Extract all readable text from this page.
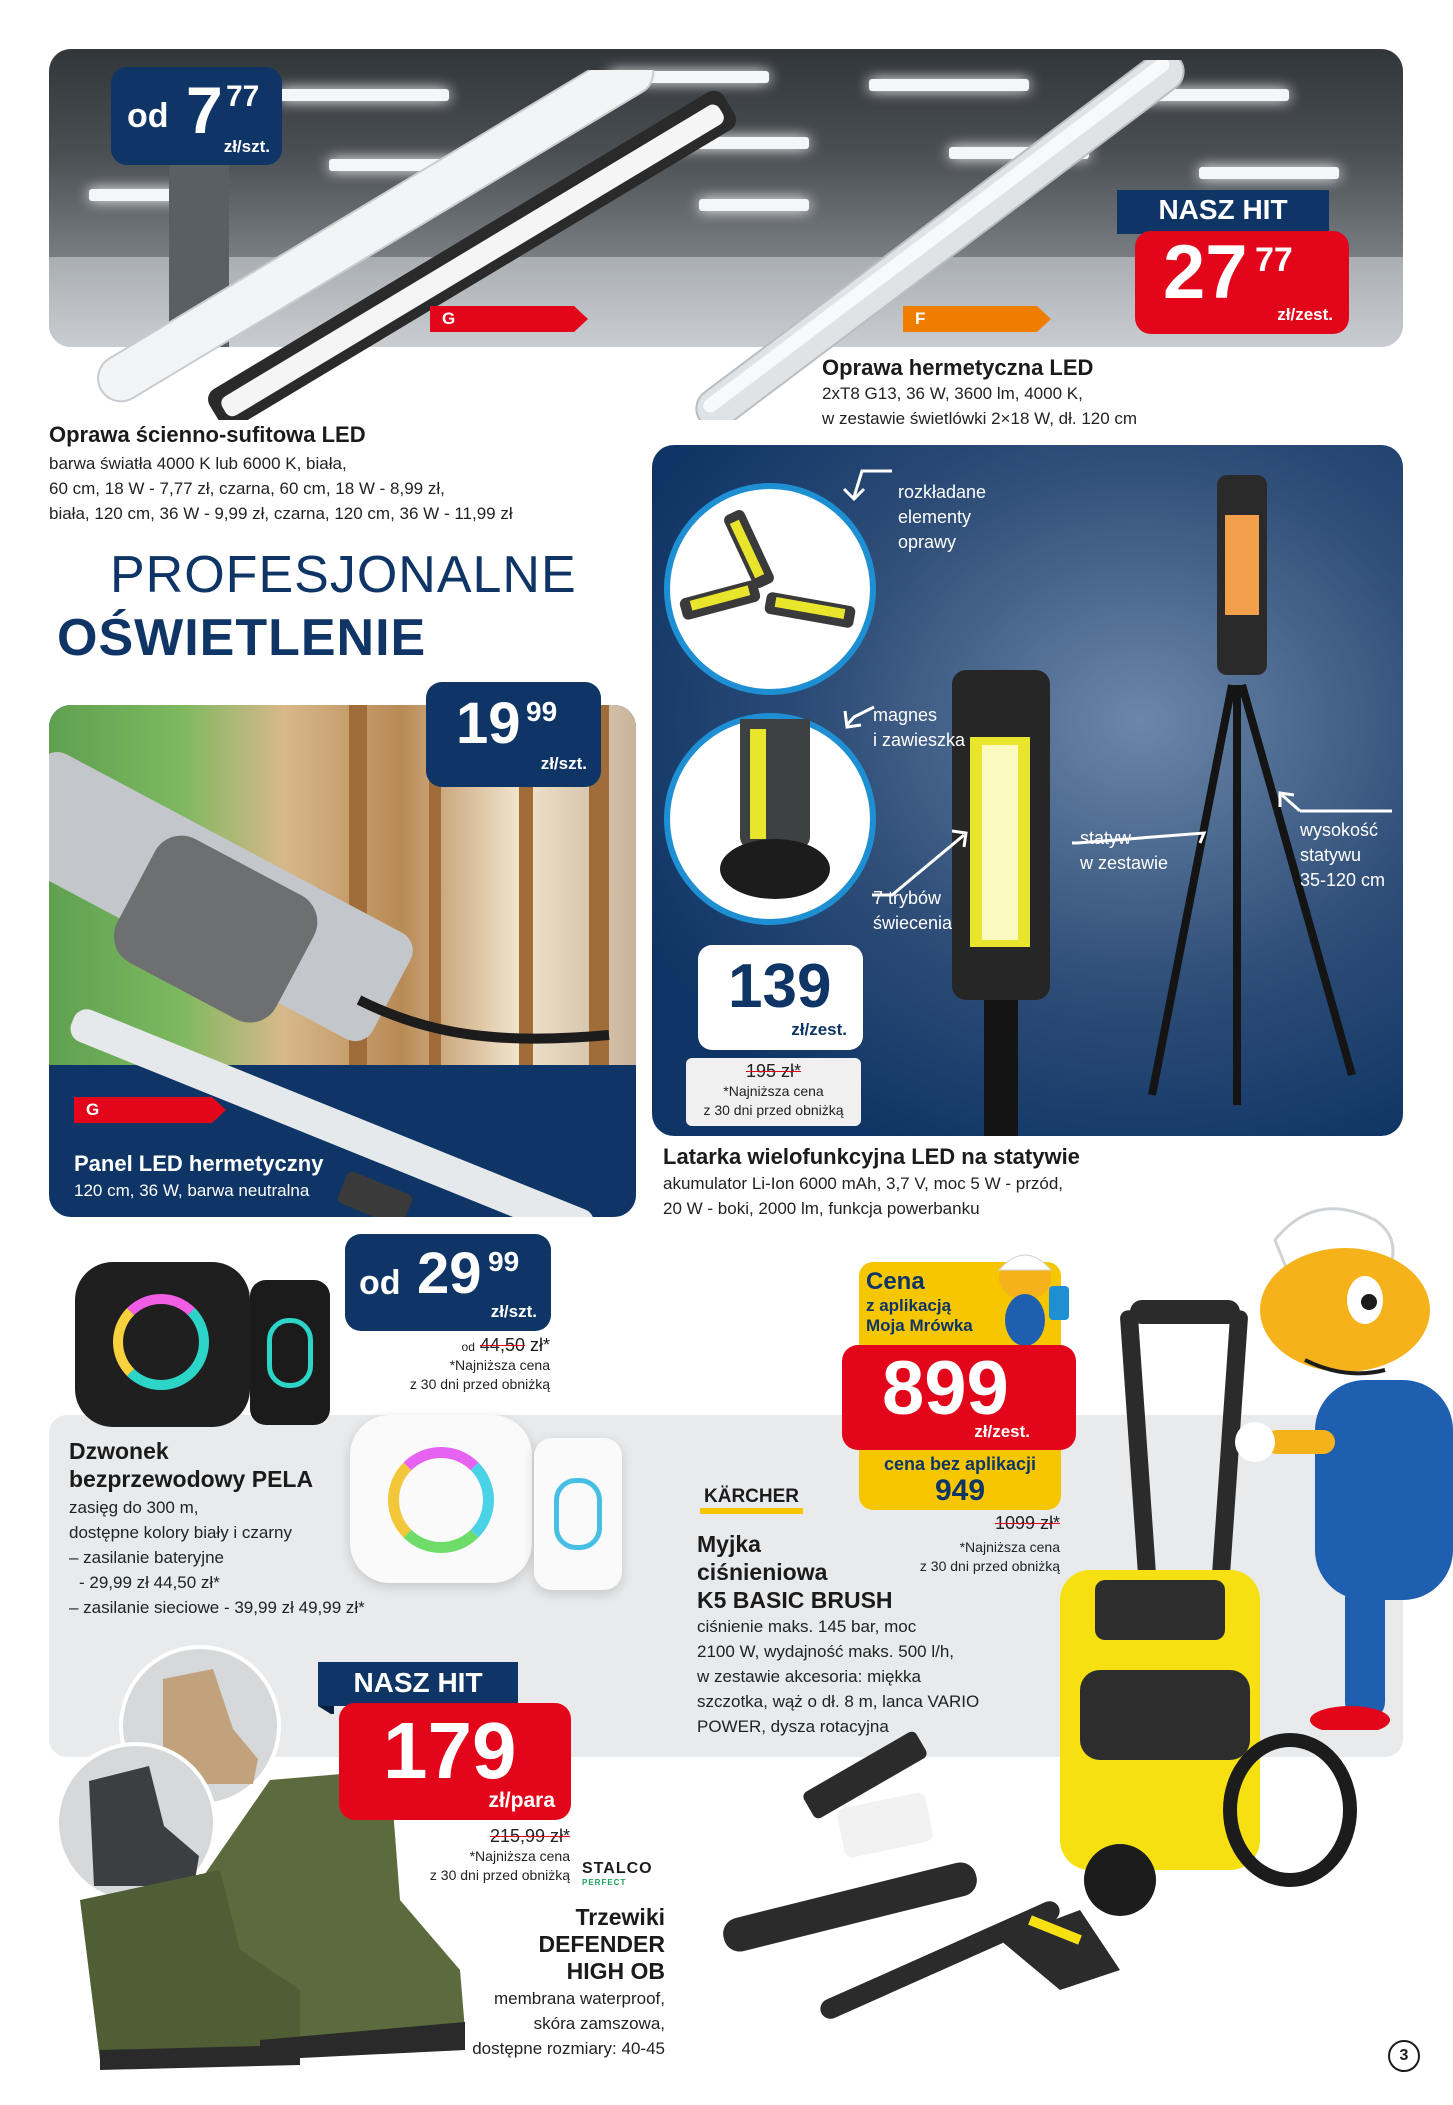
od 7 77
zł/szt.
G	F
NASZ HIT
27 77
zł/zest.
Oprawa ścienno-sufitowa LED
barwa światła 4000 K lub 6000 K, biała,
60 cm, 18 W - 7,77 zł, czarna, 60 cm, 18 W - 8,99 zł,
biała, 120 cm, 36 W - 9,99 zł, czarna, 120 cm, 36 W - 11,99 zł
Oprawa hermetyczna LED
2xT8 G13, 36 W, 3600 lm, 4000 K,
w zestawie świetlówki 2×18 W, dł. 120 cm
PROFESJONALNE
OŚWIETLENIE
19 99
zł/szt.
G
Panel LED hermetyczny
120 cm, 36 W, barwa neutralna
rozkładane
elementy
oprawy
magnes
i zawieszka
7 trybów
świecenia
statyw
w zestawie
wysokość
statywu
35-120 cm
139
zł/zest.
195 zł*
*Najniższa cena
z 30 dni przed obniżką
Latarka wielofunkcyjna LED na statywie
akumulator Li-Ion 6000 mAh, 3,7 V, moc 5 W - przód,
20 W - boki, 2000 lm, funkcja powerbanku
od 29 99
zł/szt.
od 44,50 zł*
*Najniższa cena
z 30 dni przed obniżką
Dzwonek
bezprzewodowy PELA
zasięg do 300 m,
dostępne kolory biały i czarny
– zasilanie bateryjne
- 29,99 zł 44,50 zł*
– zasilanie sieciowe - 39,99 zł 49,99 zł*
Cena
z aplikacją
Moja Mrówka
899
zł/zest.
cena bez aplikacji
949
KÄRCHER
1099 zł*
*Najniższa cena
z 30 dni przed obniżką
Myjka
ciśnieniowa
K5 BASIC BRUSH
ciśnienie maks. 145 bar, moc
2100 W, wydajność maks. 500 l/h,
w zestawie akcesoria: miękka
szczotka, wąż o dł. 8 m, lanca VARIO
POWER, dysza rotacyjna
NASZ HIT
179
zł/para
215,99 zł*
*Najniższa cena
z 30 dni przed obniżką STALCO
PERFECT
Trzewiki
DEFENDER
HIGH OB
membrana waterproof,
skóra zamszowa,
dostępne rozmiary: 40-45	3
